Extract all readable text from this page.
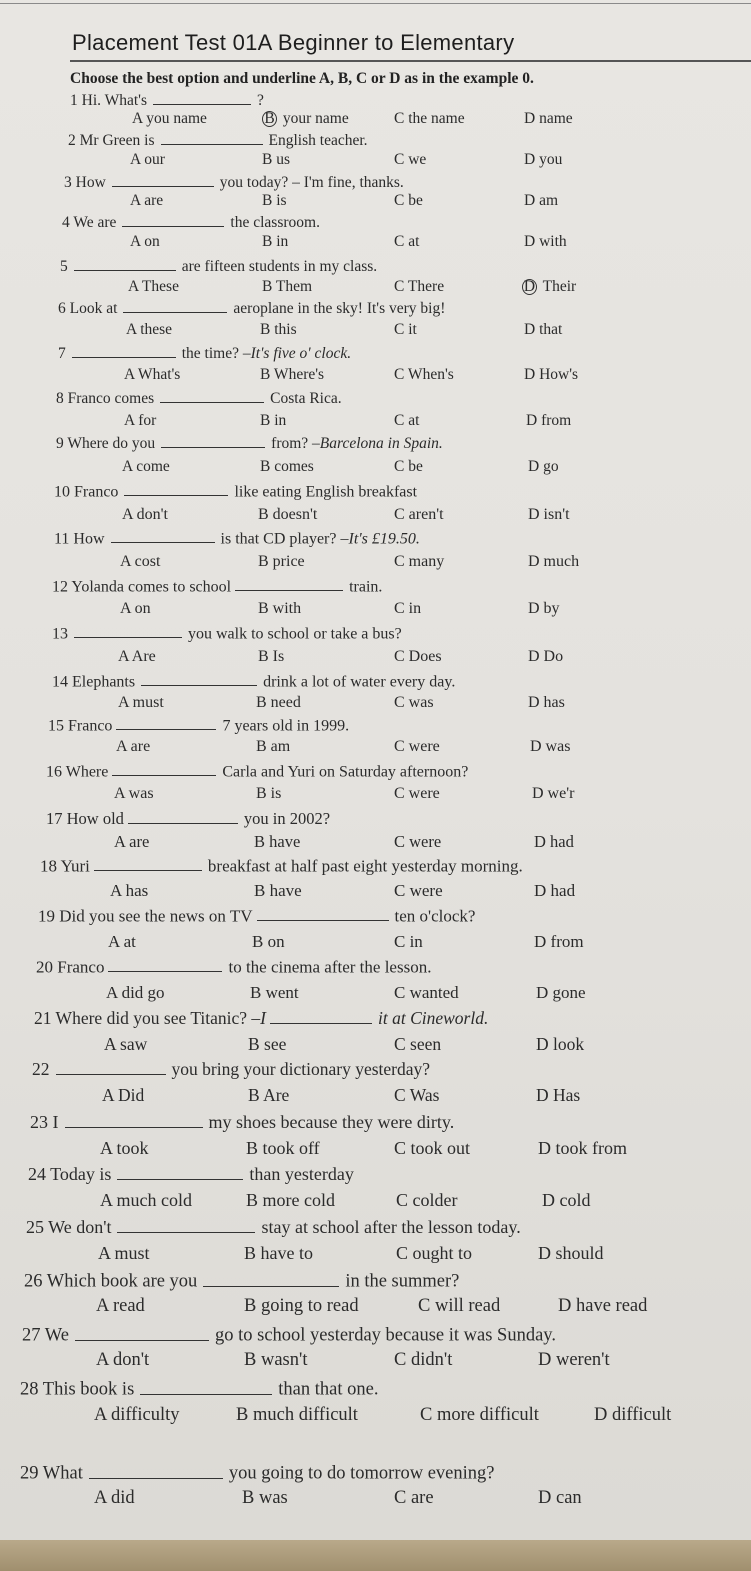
Placement Test 01A Beginner to Elementary
Choose the best option and underline A, B, C or D as in the example 0.
1 Hi. What's	?
A you name	B your name	C the name	D name
2 Mr Green is	English teacher.
A our	B us	C we	D you
3 How	you today? – I'm fine, thanks.
A are	B is	C be	D am
4 We are	the classroom.
A on	B in	C at	D with
5	are fifteen students in my class.
A These	B Them	C There	D Their
6 Look at	aeroplane in the sky! It's very big!
A these	B this	C it	D that
7	the time? –It's five o' clock.
A What's	B Where's	C When's	D How's
8 Franco comes	Costa Rica.
A for	B in	C at	D from
9 Where do you	from? –Barcelona in Spain.
A come	B comes	C be	D go
10 Franco	like eating English breakfast
A don't	B doesn't	C aren't	D isn't
11 How	is that CD player? –It's £19.50.
A cost	B price	C many	D much
12 Yolanda comes to school	train.
A on	B with	C in	D by
13	you walk to school or take a bus?
A Are	B Is	C Does	D Do
14 Elephants	drink a lot of water every day.
A must	B need	C was	D has
15 Franco	7 years old in 1999.
A are	B am	C were	D was
16 Where	Carla and Yuri on Saturday afternoon?
A was	B is	C were	D we'r
17 How old	you in 2002?
A are	B have	C were	D had
18 Yuri	breakfast at half past eight yesterday morning.
A has	B have	C were	D had
19 Did you see the news on TV	ten o'clock?
A at	B on	C in	D from
20 Franco	to the cinema after the lesson.
A did go	B went	C wanted	D gone
21 Where did you see Titanic? –I	it at Cineworld.
A saw	B see	C seen	D look
22	you bring your dictionary yesterday?
A Did	B Are	C Was	D Has
23 I	my shoes because they were dirty.
A took	B took off	C took out	D took from
24 Today is	than yesterday
A much cold	B more cold	C colder	D cold
25 We don't	stay at school after the lesson today.
A must	B have to	C ought to	D should
26 Which book are you	in the summer?
A read	B going to read	C will read	D have read
27 We	go to school yesterday because it was Sunday.
A don't	B wasn't	C didn't	D weren't
28 This book is	than that one.
A difficulty	B much difficult	C more difficult	D difficult
29 What	you going to do tomorrow evening?
A did	B was	C are	D can
